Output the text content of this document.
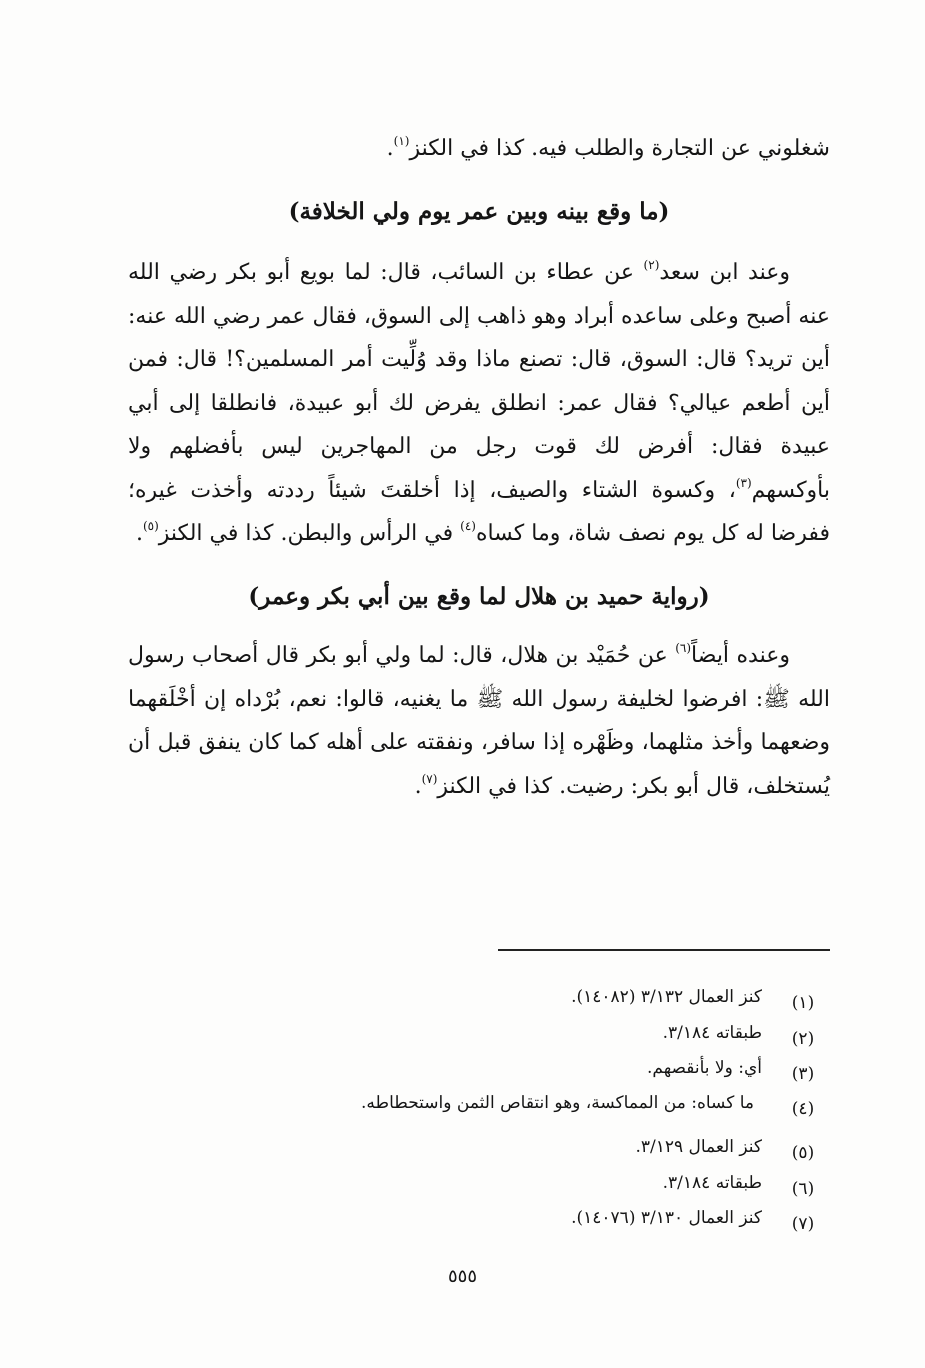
شغلوني عن التجارة والطلب فيه. كذا في الكنز$^{(١)}$.

(ما وقع بينه وبين عمر يوم ولي الخلافة)

وعند ابن سعد$^{(٢)}$ عن عطاء بن السائب، قال: لما بويع أبو بكر رضي الله عنه أصبح وعلى ساعده أبراد وهو ذاهب إلى السوق، فقال عمر رضي الله عنه: أين تريد؟ قال: السوق، قال: تصنع ماذا وقد وُلِّيت أمر المسلمين؟! قال: فمن أين أطعم عيالي؟ فقال عمر: انطلق يفرض لك أبو عبيدة، فانطلقا إلى أبي عبيدة فقال: أفرض لك قوت رجل من المهاجرين ليس بأفضلهم ولا بأوكسهم$^{(٣)}$، وكسوة الشتاء والصيف، إذا أخلقتَ شيئاً رددته وأخذت غيره؛ ففرضا له كل يوم نصف شاة، وما كساه$^{(٤)}$ في الرأس والبطن. كذا في الكنز$^{(٥)}$.

(رواية حميد بن هلال لما وقع بين أبي بكر وعمر)

وعنده أيضاً$^{(٦)}$ عن حُمَيْد بن هلال، قال: لما ولي أبو بكر قال أصحاب رسول الله ﷺ: افرضوا لخليفة رسول الله ﷺ ما يغنيه، قالوا: نعم، بُرْداه إن أخْلَقهما وضعهما وأخذ مثلهما، وظَهْره إذا سافر، ونفقته على أهله كما كان ينفق قبل أن يُستخلف، قال أبو بكر: رضيت. كذا في الكنز$^{(٧)}$.

(١)
كنز العمال ٣/١٣٢ (١٤٠٨٢).
(٢)
طبقاته ٣/١٨٤.
(٣)
أي: ولا بأنقصهم.
(٤)
ما كساه: من المماكسة، وهو انتقاص الثمن واستحطاطه.
(٥)
كنز العمال ٣/١٢٩.
(٦)
طبقاته ٣/١٨٤.
(٧)
كنز العمال ٣/١٣٠ (١٤٠٧٦).
٥٥٥
